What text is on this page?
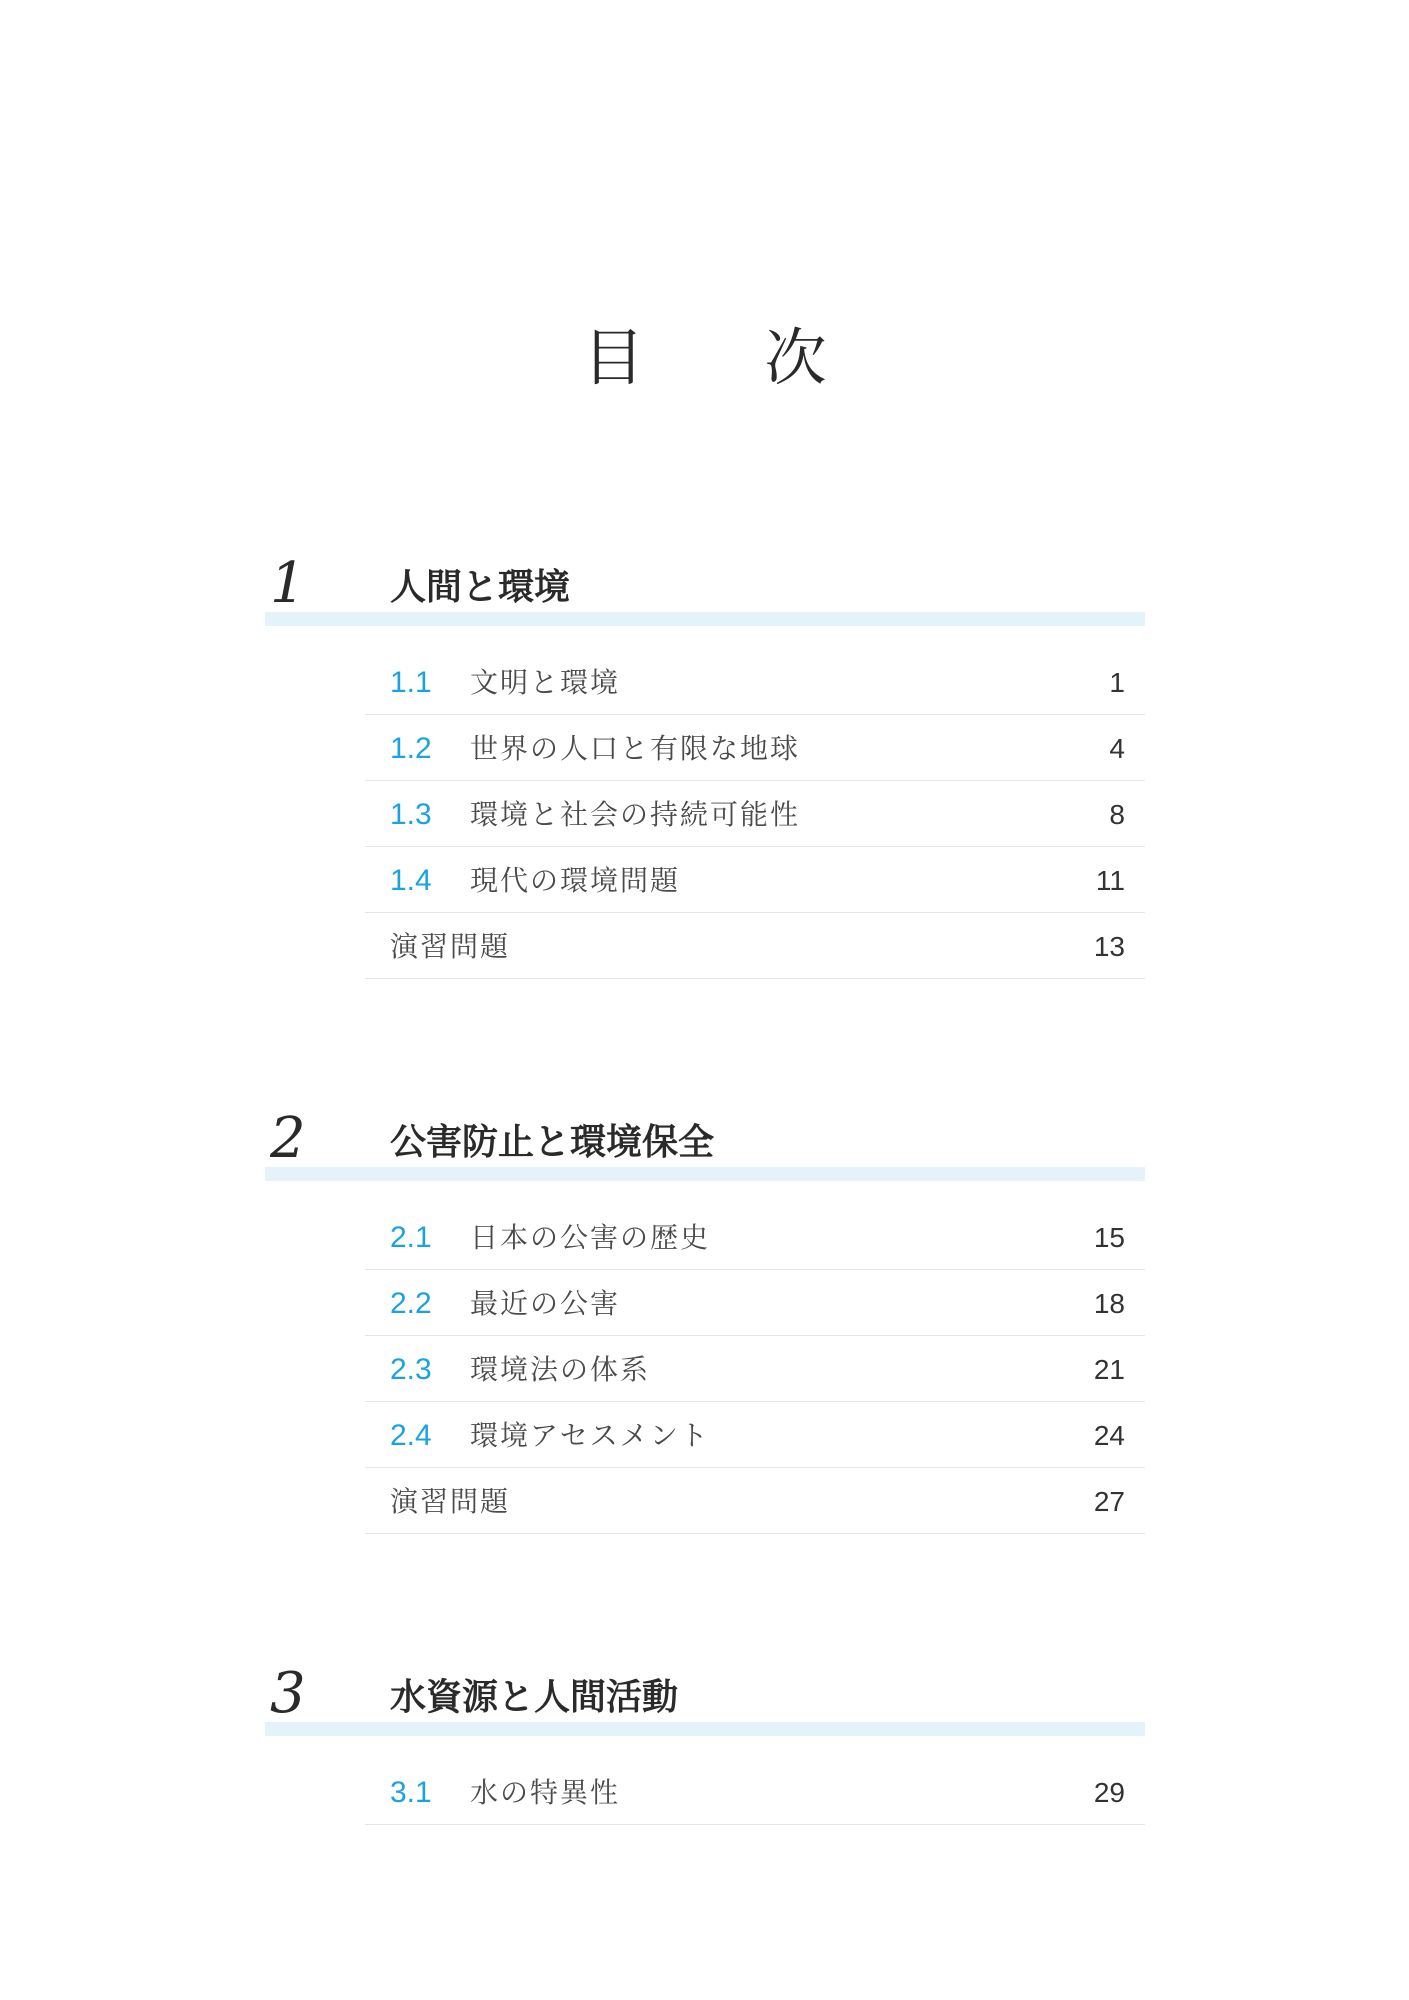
目次
1 人間と環境
1.1 文明と環境	1
1.2 世界の人口と有限な地球	4
1.3 環境と社会の持続可能性	8
1.4 現代の環境問題	11
演習問題	13
2 公害防止と環境保全
2.1 日本の公害の歴史	15
2.2 最近の公害	18
2.3 環境法の体系	21
2.4 環境アセスメント	24
演習問題	27
3 水資源と人間活動
3.1 水の特異性	29
